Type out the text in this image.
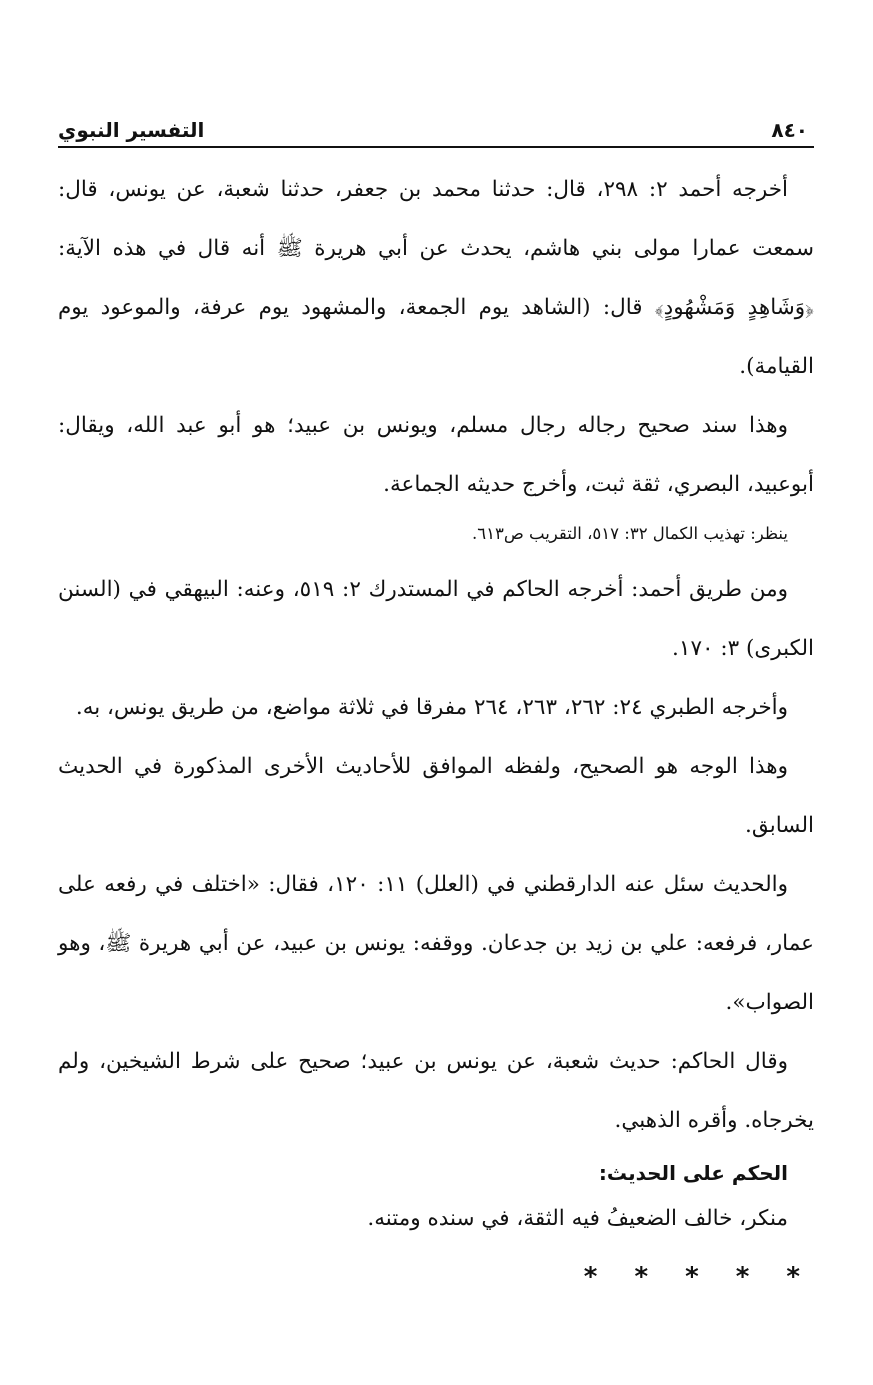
٨٤٠
التفسير النبوي

أخرجه أحمد ٢: ٢٩٨، قال: حدثنا محمد بن جعفر، حدثنا شعبة، عن يونس، قال: سمعت عمارا مولى بني هاشم، يحدث عن أبي هريرة ﷺ أنه قال في هذه الآية: ﴿وَشَاهِدٍ وَمَشْهُودٍ﴾ قال: (الشاهد يوم الجمعة، والمشهود يوم عرفة، والموعود يوم القيامة).

وهذا سند صحيح رجاله رجال مسلم، ويونس بن عبيد؛ هو أبو عبد الله، ويقال: أبوعبيد، البصري، ثقة ثبت، وأخرج حديثه الجماعة.

ينظر: تهذيب الكمال ٣٢: ٥١٧، التقريب ص٦١٣.

ومن طريق أحمد: أخرجه الحاكم في المستدرك ٢: ٥١٩، وعنه: البيهقي في (السنن الكبرى) ٣: ١٧٠.

وأخرجه الطبري ٢٤: ٢٦٢، ٢٦٣، ٢٦٤ مفرقا في ثلاثة مواضع، من طريق يونس، به.

وهذا الوجه هو الصحيح، ولفظه الموافق للأحاديث الأخرى المذكورة في الحديث السابق.

والحديث سئل عنه الدارقطني في (العلل) ١١: ١٢٠، فقال: «اختلف في رفعه على عمار، فرفعه: علي بن زيد بن جدعان. ووقفه: يونس بن عبيد، عن أبي هريرة ﷺ، وهو الصواب».

وقال الحاكم: حديث شعبة، عن يونس بن عبيد؛ صحيح على شرط الشيخين، ولم يخرجاه. وأقره الذهبي.

الحكم على الحديث:

منكر، خالف الضعيفُ فيه الثقة، في سنده ومتنه.

* * * * *
